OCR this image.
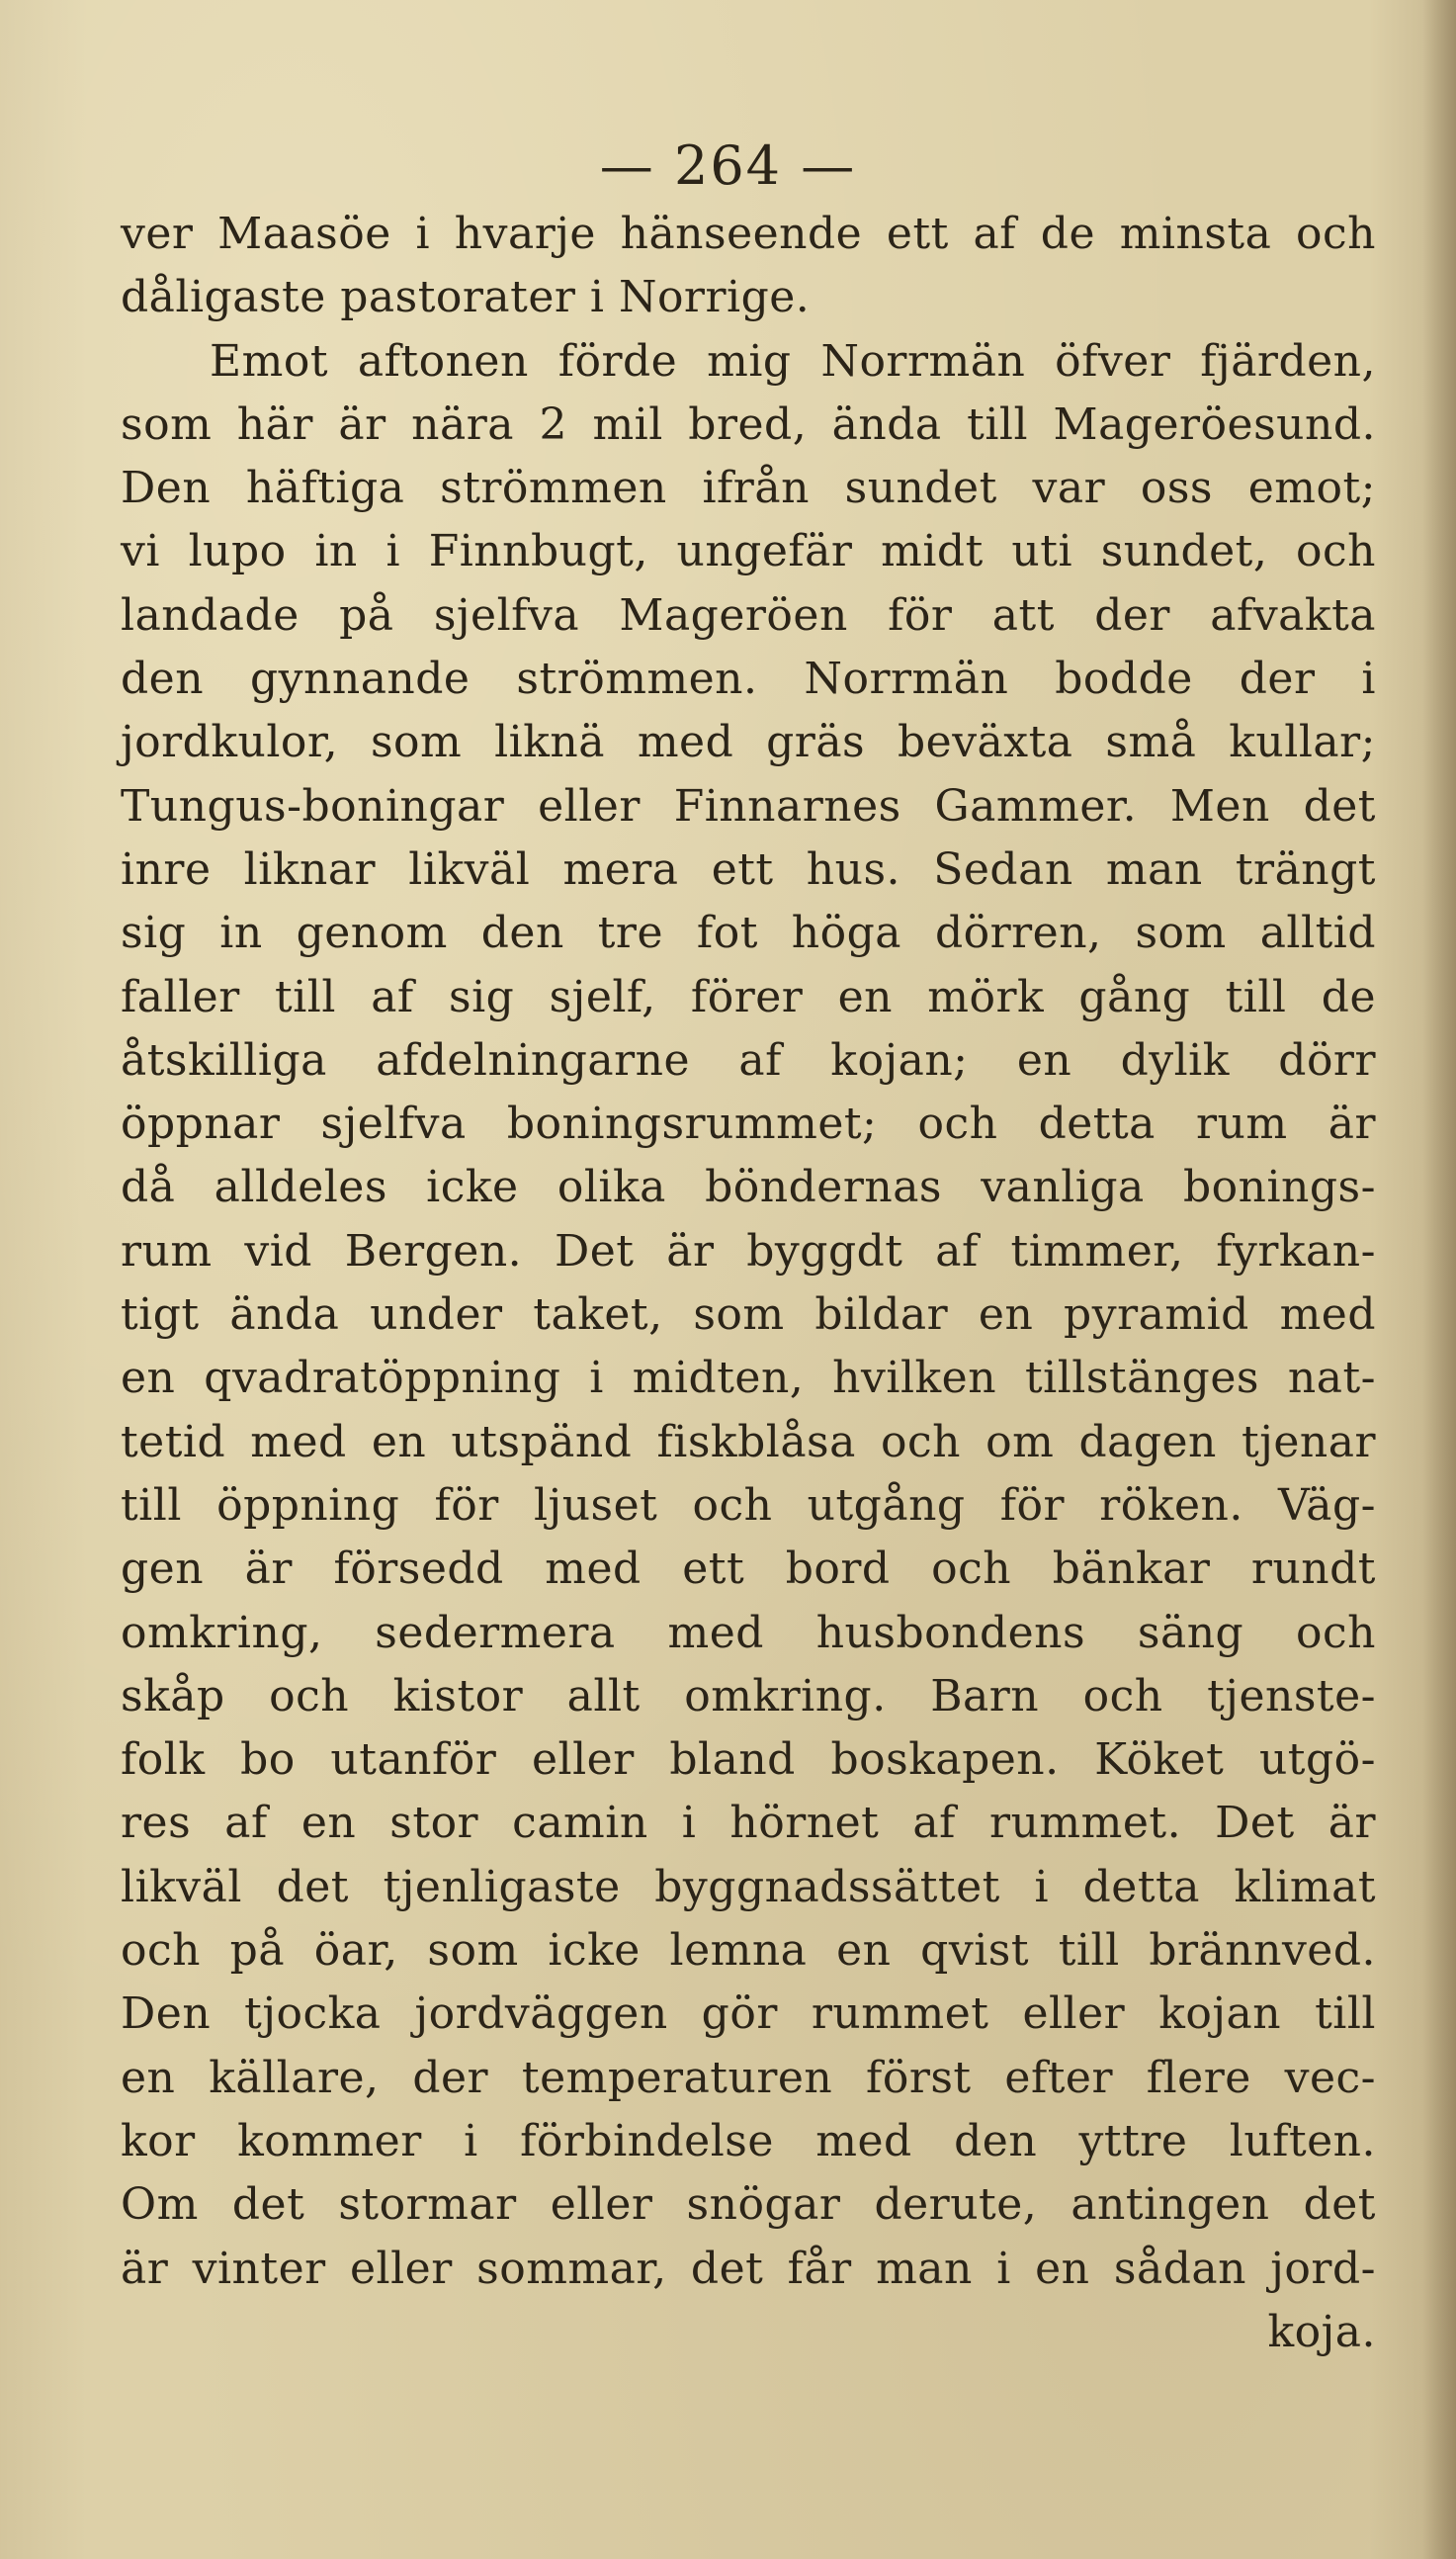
— 264 —
ver Maasöe i hvarje hänseende ett af de minsta och
dåligaste pastorater i Norrige.
Emot aftonen förde mig Norrmän öfver fjärden,
som här är nära 2 mil bred, ända till Mageröesund.
Den häftiga strömmen ifrån sundet var oss emot;
vi lupo in i Finnbugt, ungefär midt uti sundet, och
landade på sjelfva Mageröen för att der afvakta
den gynnande strömmen. Norrmän bodde der i
jordkulor, som liknä med gräs beväxta små kullar;
Tungus-boningar eller Finnarnes Gammer. Men det
inre liknar likväl mera ett hus. Sedan man trängt
sig in genom den tre fot höga dörren, som alltid
faller till af sig sjelf, förer en mörk gång till de
åtskilliga afdelningarne af kojan; en dylik dörr
öppnar sjelfva boningsrummet; och detta rum är
då alldeles icke olika böndernas vanliga bonings-
rum vid Bergen. Det är byggdt af timmer, fyrkan-
tigt ända under taket, som bildar en pyramid med
en qvadratöppning i midten, hvilken tillstänges nat-
tetid med en utspänd fiskblåsa och om dagen tjenar
till öppning för ljuset och utgång för röken. Väg-
gen är försedd med ett bord och bänkar rundt
omkring, sedermera med husbondens säng och
skåp och kistor allt omkring. Barn och tjenste-
folk bo utanför eller bland boskapen. Köket utgö-
res af en stor camin i hörnet af rummet. Det är
likväl det tjenligaste byggnadssättet i detta klimat
och på öar, som icke lemna en qvist till brännved.
Den tjocka jordväggen gör rummet eller kojan till
en källare, der temperaturen först efter flere vec-
kor kommer i förbindelse med den yttre luften.
Om det stormar eller snögar derute, antingen det
är vinter eller sommar, det får man i en sådan jord-
koja.
